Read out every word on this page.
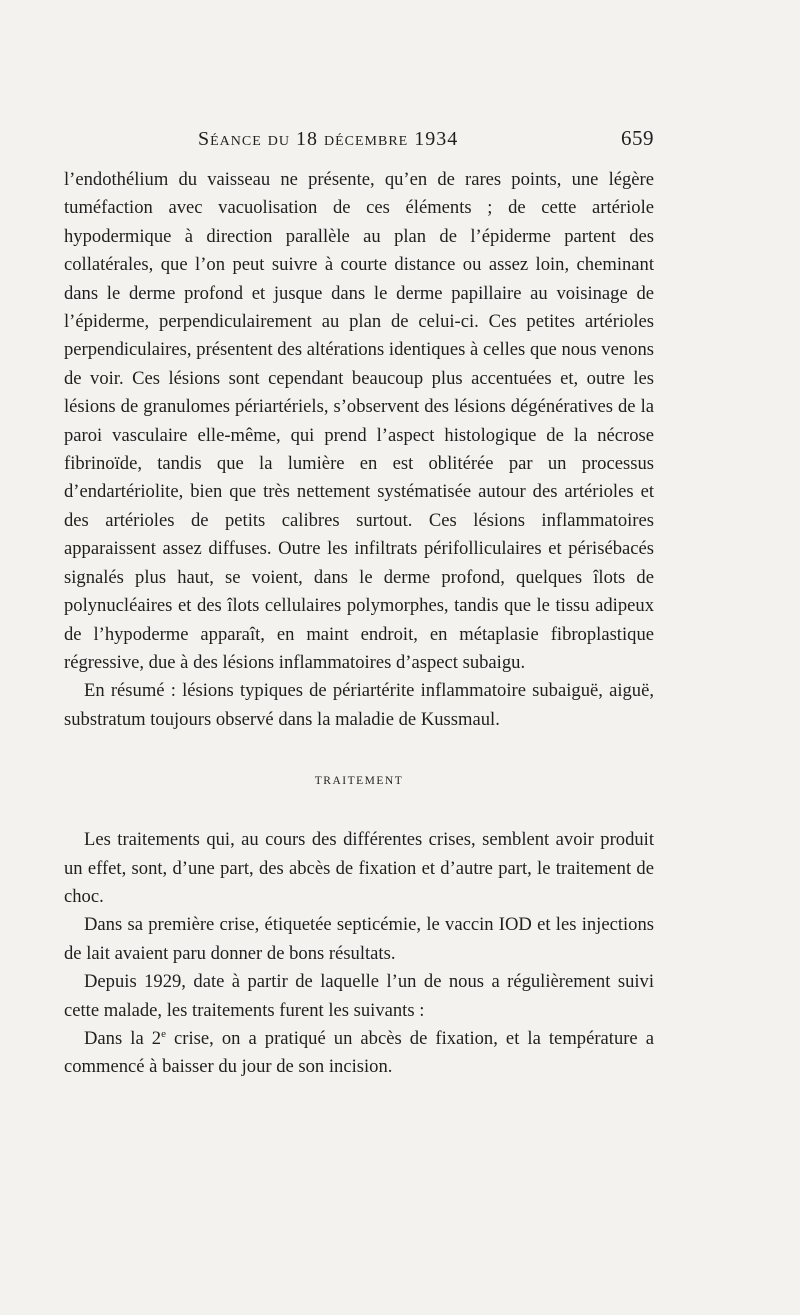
Séance du 18 décembre 1934	659

l’endothélium du vaisseau ne présente, qu’en de rares points, une légère tuméfaction avec vacuolisation de ces éléments ; de cette artériole hypodermique à direction parallèle au plan de l’épiderme partent des collatérales, que l’on peut suivre à courte distance ou assez loin, cheminant dans le derme profond et jusque dans le derme papillaire au voisinage de l’épiderme, perpendiculairement au plan de celui-ci. Ces petites artérioles perpendiculaires, présentent des altérations identiques à celles que nous venons de voir. Ces lésions sont cependant beaucoup plus accentuées et, outre les lésions de granulomes périartériels, s’observent des lésions dégénératives de la paroi vasculaire elle-même, qui prend l’aspect histologique de la nécrose fibrinoïde, tandis que la lumière en est oblitérée par un processus d’endartériolite, bien que très nettement systématisée autour des artérioles et des artérioles de petits calibres surtout. Ces lésions inflammatoires apparaissent assez diffuses. Outre les infiltrats périfolliculaires et périsébacés signalés plus haut, se voient, dans le derme profond, quelques îlots de polynucléaires et des îlots cellulaires polymorphes, tandis que le tissu adipeux de l’hypoderme apparaît, en maint endroit, en métaplasie fibroplastique régressive, due à des lésions inflammatoires d’aspect subaigu.

En résumé : lésions typiques de périartérite inflammatoire subaiguë, aiguë, substratum toujours observé dans la maladie de Kussmaul.

TRAITEMENT

Les traitements qui, au cours des différentes crises, semblent avoir produit un effet, sont, d’une part, des abcès de fixation et d’autre part, le traitement de choc.

Dans sa première crise, étiquetée septicémie, le vaccin IOD et les injections de lait avaient paru donner de bons résultats.

Depuis 1929, date à partir de laquelle l’un de nous a régulièrement suivi cette malade, les traitements furent les suivants :

Dans la 2e crise, on a pratiqué un abcès de fixation, et la température a commencé à baisser du jour de son incision.
